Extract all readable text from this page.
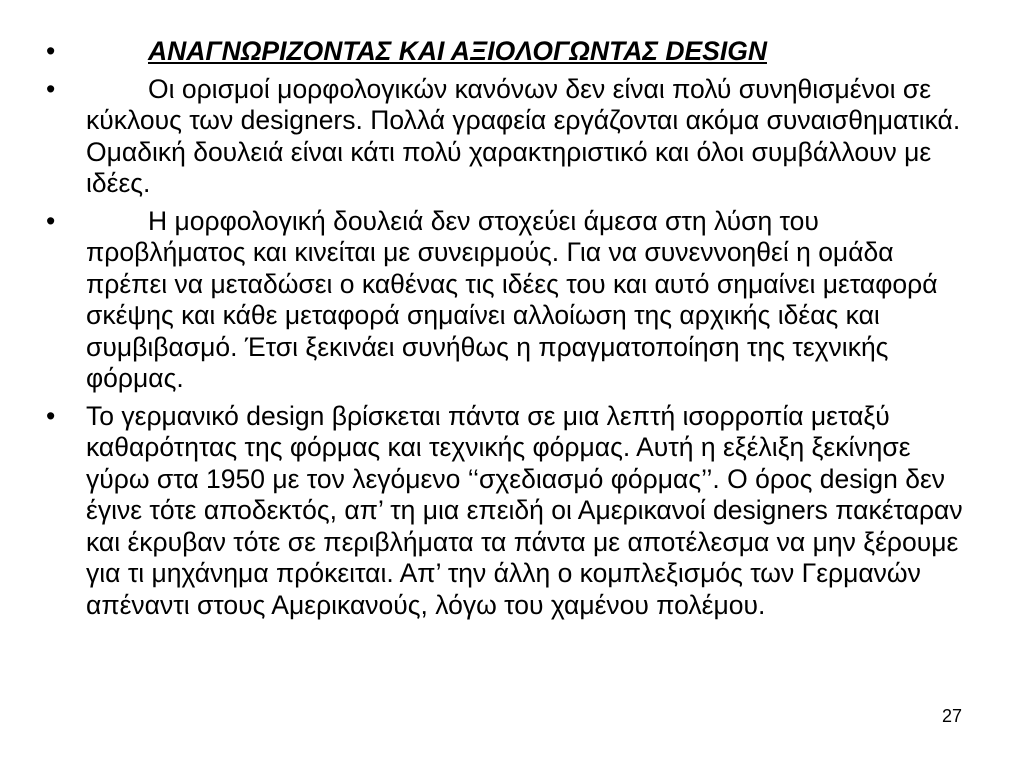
•	ΑΝΑΓΝΩΡΙΖΟΝΤΑΣ ΚΑΙ ΑΞΙΟΛΟΓΩΝΤΑΣ DESIGN
•	Οι ορισμοί μορφολογικών κανόνων δεν είναι πολύ συνηθισμένοι σε κύκλους των designers. Πολλά γραφεία εργάζονται ακόμα συναισθηματικά. Ομαδική δουλειά είναι κάτι πολύ χαρακτηριστικό και όλοι συμβάλλουν με ιδέες.
•	Η μορφολογική δουλειά δεν στοχεύει άμεσα στη λύση του προβλήματος και κινείται με συνειρμούς. Για να συνεννοηθεί η ομάδα πρέπει να μεταδώσει ο καθένας τις ιδέες του και αυτό σημαίνει μεταφορά σκέψης και κάθε μεταφορά σημαίνει αλλοίωση της αρχικής ιδέας και συμβιβασμό. Έτσι ξεκινάει συνήθως η πραγματοποίηση της τεχνικής φόρμας.
• Το γερμανικό design βρίσκεται πάντα σε μια λεπτή ισορροπία μεταξύ καθαρότητας της φόρμας και τεχνικής φόρμας. Αυτή η εξέλιξη ξεκίνησε γύρω στα 1950 με τον λεγόμενο ‘‘σχεδιασμό φόρμας’’. Ο όρος design δεν έγινε τότε αποδεκτός, απ’ τη μια επειδή οι Αμερικανοί designers πακέταραν και έκρυβαν τότε σε περιβλήματα τα πάντα με αποτέλεσμα να μην ξέρουμε για τι μηχάνημα πρόκειται. Απ’ την άλλη ο κομπλεξισμός των Γερμανών απέναντι στους Αμερικανούς, λόγω του χαμένου πολέμου.
27
